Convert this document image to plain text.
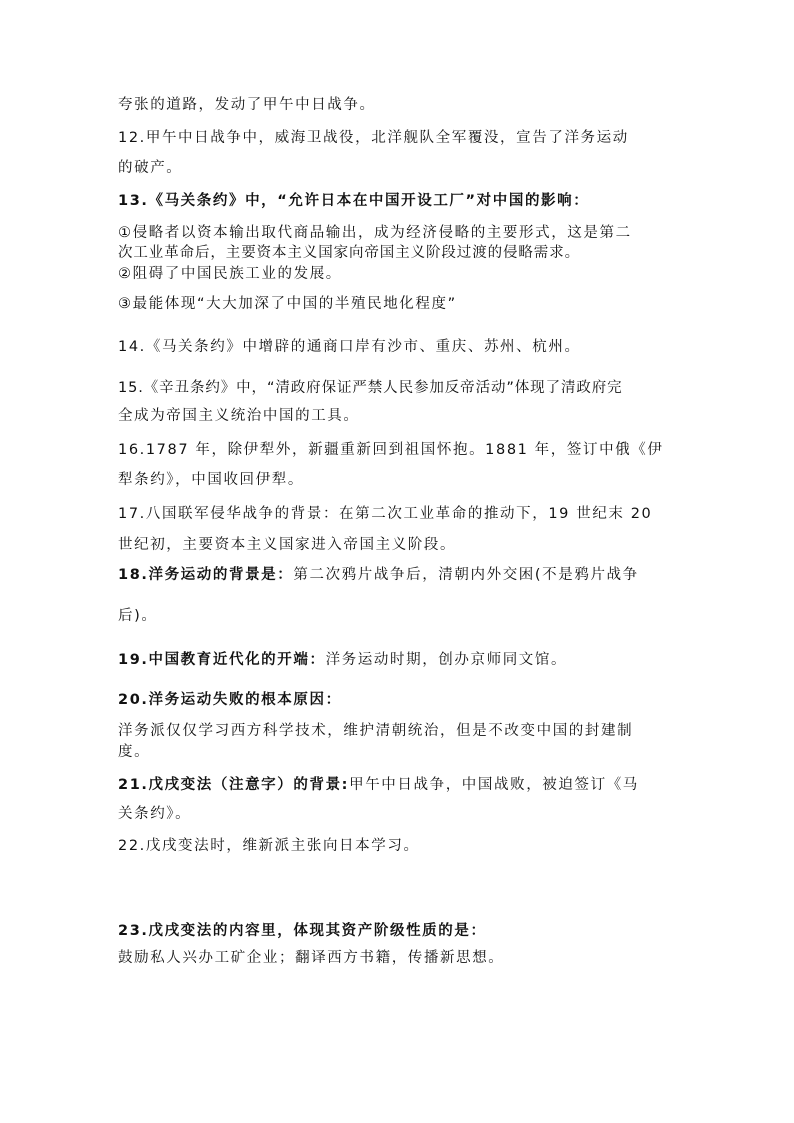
夸张的道路，发动了甲午中日战争。
12.甲午中日战争中，威海卫战役，北洋舰队全军覆没，宣告了洋务运动
的破产。
13.《马关条约》中，“允许日本在中国开设工厂”对中国的影响：
①侵略者以资本输出取代商品输出，成为经济侵略的主要形式，这是第二
次工业革命后，主要资本主义国家向帝国主义阶段过渡的侵略需求。
②阻碍了中国民族工业的发展。
③最能体现“大大加深了中国的半殖民地化程度”
14.《马关条约》中增辟的通商口岸有沙市、重庆、苏州、杭州。
15.《辛丑条约》中，“清政府保证严禁人民参加反帝活动”体现了清政府完
全成为帝国主义统治中国的工具。
16.1787 年，除伊犁外，新疆重新回到祖国怀抱。1881 年，签订中俄《伊
犁条约》，中国收回伊犁。
17.八国联军侵华战争的背景：在第二次工业革命的推动下，19 世纪末 20
世纪初，主要资本主义国家进入帝国主义阶段。
18.洋务运动的背景是：第二次鸦片战争后，清朝内外交困(不是鸦片战争
后)。
19.中国教育近代化的开端：洋务运动时期，创办京师同文馆。
20.洋务运动失败的根本原因：
洋务派仅仅学习西方科学技术，维护清朝统治，但是不改变中国的封建制
度。
21.戊戌变法（注意字）的背景:甲午中日战争，中国战败，被迫签订《马
关条约》。
22.戊戌变法时，维新派主张向日本学习。
23.戊戌变法的内容里，体现其资产阶级性质的是：
鼓励私人兴办工矿企业；翻译西方书籍，传播新思想。
